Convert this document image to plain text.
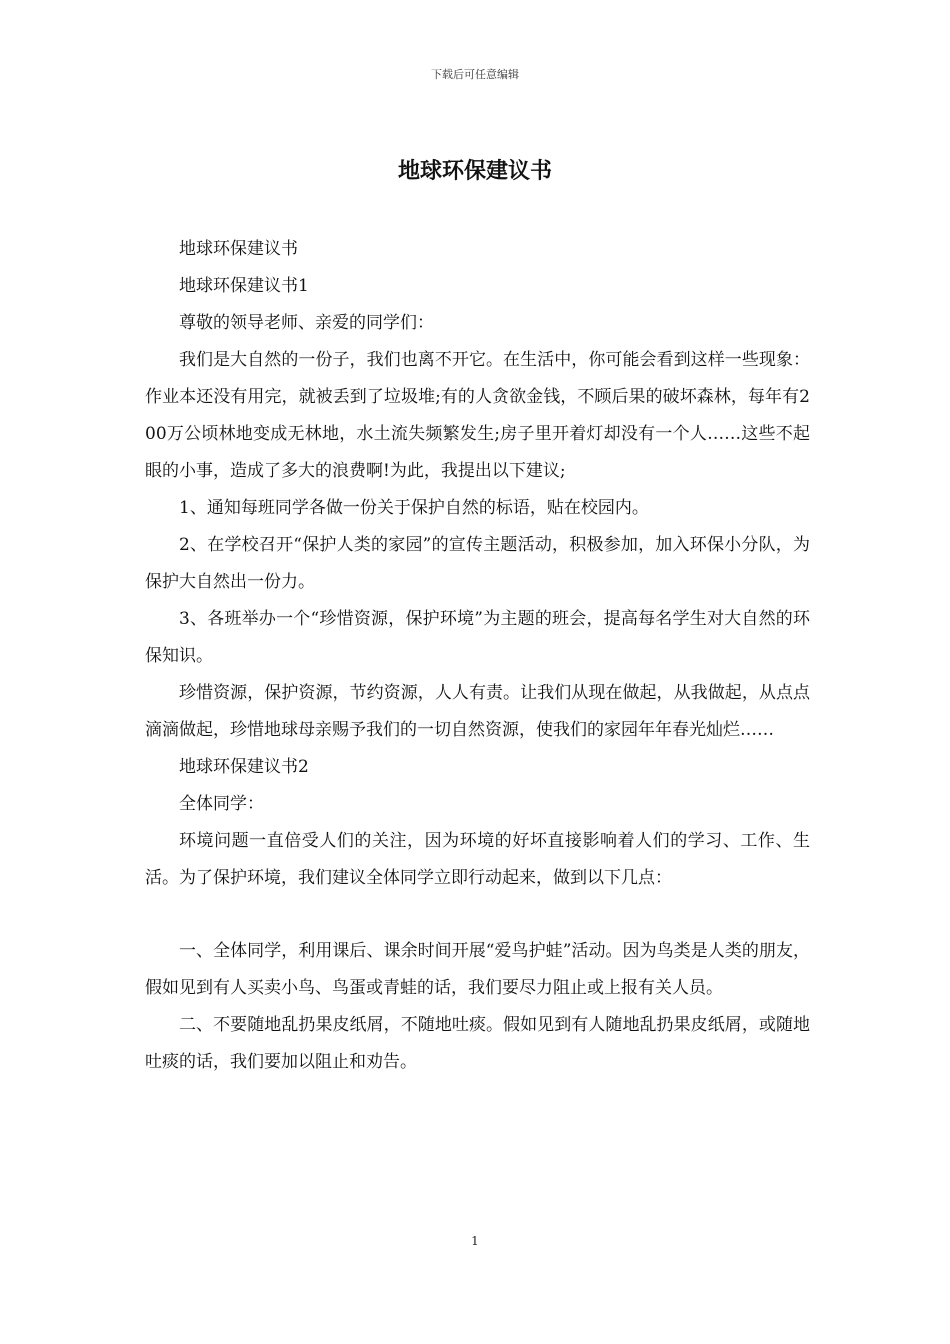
下载后可任意编辑
地球环保建议书

地球环保建议书

地球环保建议书1

尊敬的领导老师、亲爱的同学们：

我们是大自然的一份子，我们也离不开它。在生活中，你可能会看到这样一些现象：作业本还没有用完，就被丢到了垃圾堆;有的人贪欲金钱，不顾后果的破坏森林，每年有200万公顷林地变成无林地，水土流失频繁发生;房子里开着灯却没有一个人……这些不起眼的小事，造成了多大的浪费啊!为此，我提出以下建议;

1、通知每班同学各做一份关于保护自然的标语，贴在校园内。

2、在学校召开“保护人类的家园”的宣传主题活动，积极参加，加入环保小分队，为保护大自然出一份力。

3、各班举办一个“珍惜资源，保护环境”为主题的班会，提高每名学生对大自然的环保知识。

珍惜资源，保护资源，节约资源，人人有责。让我们从现在做起，从我做起，从点点滴滴做起，珍惜地球母亲赐予我们的一切自然资源，使我们的家园年年春光灿烂……

地球环保建议书2

全体同学：

环境问题一直倍受人们的关注，因为环境的好坏直接影响着人们的学习、工作、生活。为了保护环境，我们建议全体同学立即行动起来，做到以下几点：

一、全体同学，利用课后、课余时间开展“爱鸟护蛙”活动。因为鸟类是人类的朋友，假如见到有人买卖小鸟、鸟蛋或青蛙的话，我们要尽力阻止或上报有关人员。

二、不要随地乱扔果皮纸屑，不随地吐痰。假如见到有人随地乱扔果皮纸屑，或随地吐痰的话，我们要加以阻止和劝告。

1
